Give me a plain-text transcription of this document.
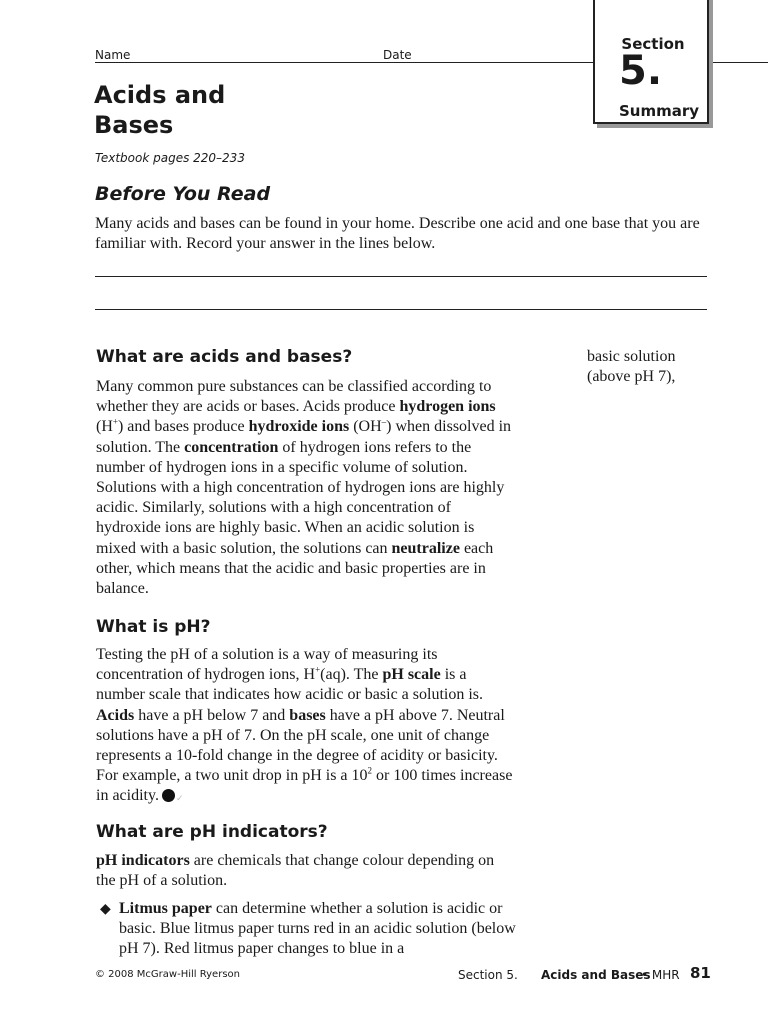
Name	Date
Section
5.
Summary
Acids and
Bases
Textbook pages 220–233
Before You Read
Many acids and bases can be found in your home. Describe one acid and one base that you are familiar with. Record your answer in the lines below.
What are acids and bases?
Many common pure substances can be classified according to whether they are acids or bases. Acids produce hydrogen ions (H+) and bases produce hydroxide ions (OH–) when dissolved in solution. The concentration of hydrogen ions refers to the number of hydrogen ions in a specific volume of solution. Solutions with a high concentration of hydrogen ions are highly acidic. Similarly, solutions with a high concentration of hydroxide ions are highly basic. When an acidic solution is mixed with a basic solution, the solutions can neutralize each other, which means that the acidic and basic properties are in balance.
What is pH?
Testing the pH of a solution is a way of measuring its concentration of hydrogen ions, H+(aq). The pH scale is a number scale that indicates how acidic or basic a solution is. Acids have a pH below 7 and bases have a pH above 7. Neutral solutions have a pH of 7. On the pH scale, one unit of change represents a 10-fold change in the degree of acidity or basicity. For example, a two unit drop in pH is a $10^2$ or 100 times increase in acidity. ✓
What are pH indicators?
pH indicators are chemicals that change colour depending on the pH of a solution.
◆ Litmus paper can determine whether a solution is acidic or basic. Blue litmus paper turns red in an acidic solution (below pH 7). Red litmus paper changes to blue in a
basic solution
(above pH 7),
© 2008 McGraw-Hill Ryerson	Section 5. Acids and Bases
• MHR 81
